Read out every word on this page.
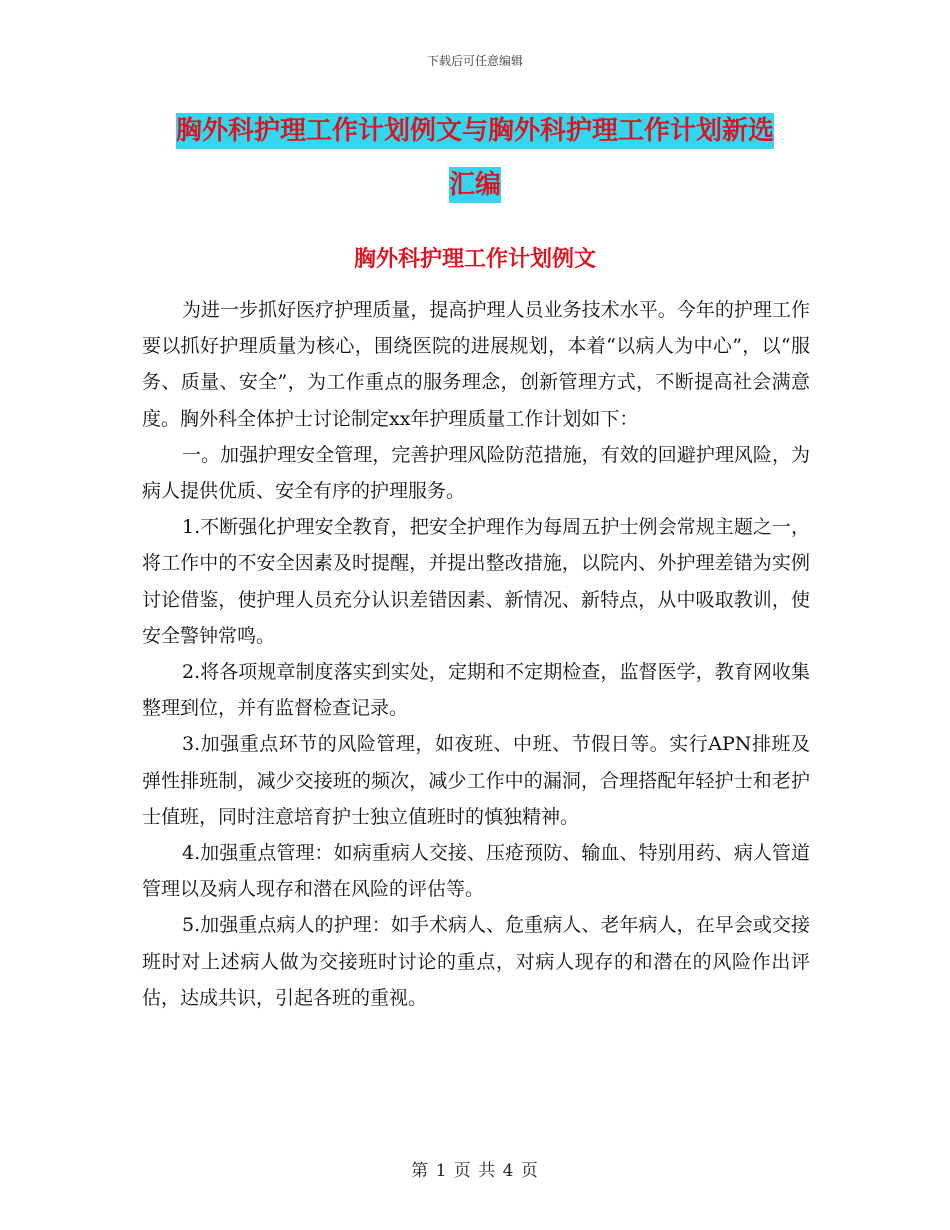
下载后可任意编辑
胸外科护理工作计划例文与胸外科护理工作计划新选
汇编
胸外科护理工作计划例文

为进一步抓好医疗护理质量，提高护理人员业务技术水平。今年的护理工作要以抓好护理质量为核心，围绕医院的进展规划，本着“以病人为中心”，以“服务、质量、安全”，为工作重点的服务理念，创新管理方式，不断提高社会满意度。胸外科全体护士讨论制定xx年护理质量工作计划如下：

一。加强护理安全管理，完善护理风险防范措施，有效的回避护理风险，为病人提供优质、安全有序的护理服务。

1.不断强化护理安全教育，把安全护理作为每周五护士例会常规主题之一，将工作中的不安全因素及时提醒，并提出整改措施，以院内、外护理差错为实例讨论借鉴，使护理人员充分认识差错因素、新情况、新特点，从中吸取教训，使安全警钟常鸣。

2.将各项规章制度落实到实处，定期和不定期检查，监督医学，教育网收集整理到位，并有监督检查记录。

3.加强重点环节的风险管理，如夜班、中班、节假日等。实行APN排班及弹性排班制，减少交接班的频次，减少工作中的漏洞，合理搭配年轻护士和老护士值班，同时注意培育护士独立值班时的慎独精神。

4.加强重点管理：如病重病人交接、压疮预防、输血、特别用药、病人管道管理以及病人现存和潜在风险的评估等。

5.加强重点病人的护理：如手术病人、危重病人、老年病人，在早会或交接班时对上述病人做为交接班时讨论的重点，对病人现存的和潜在的风险作出评估，达成共识，引起各班的重视。

第 1 页 共 4 页
